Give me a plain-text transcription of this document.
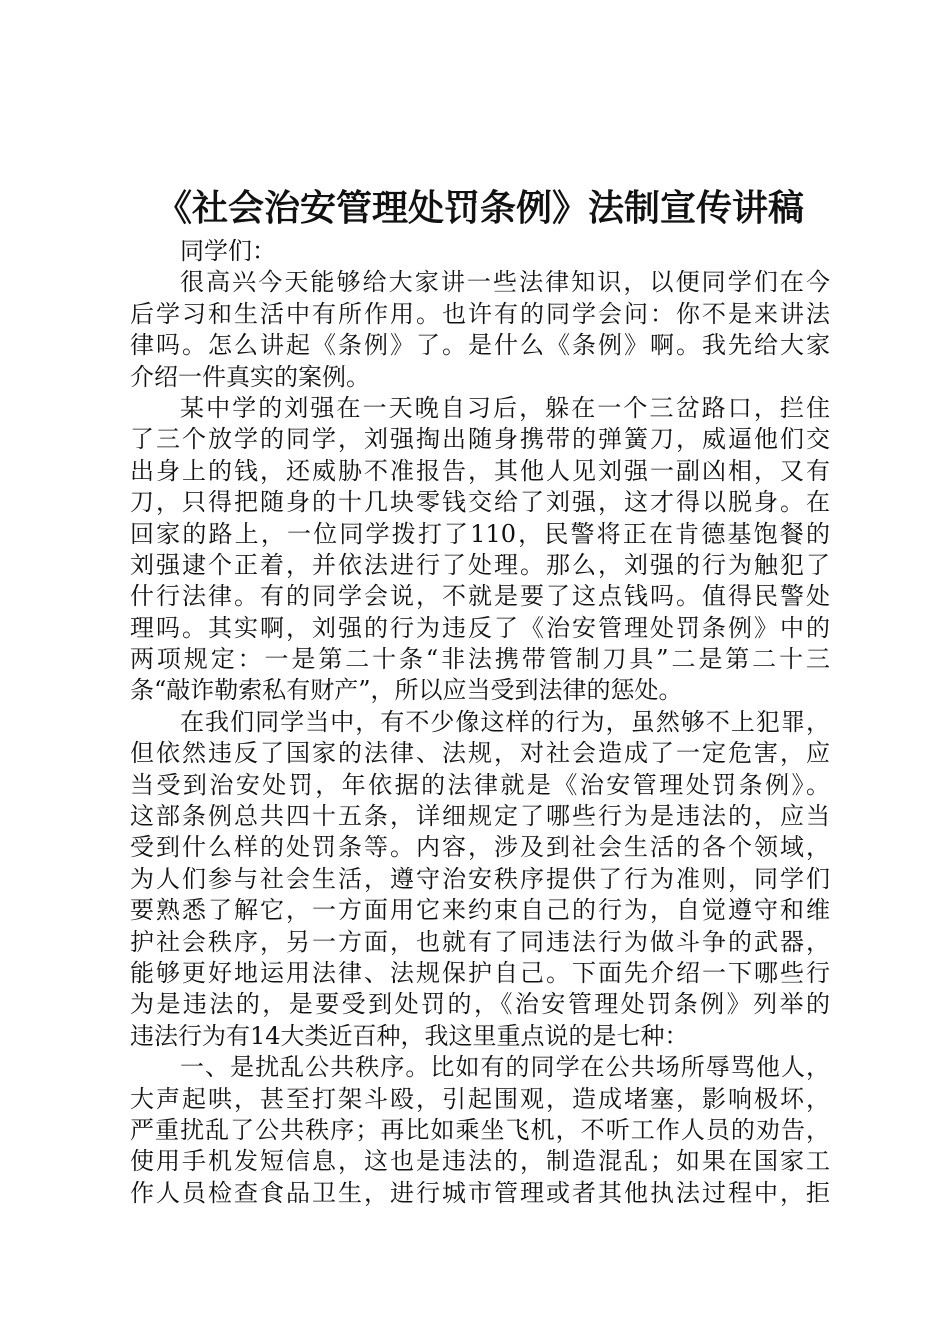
《社会治安管理处罚条例》法制宣传讲稿
同学们：
很高兴今天能够给大家讲一些法律知识，以便同学们在今
后学习和生活中有所作用。也许有的同学会问：你不是来讲法
律吗。怎么讲起《条例》了。是什么《条例》啊。我先给大家
介绍一件真实的案例。
某中学的刘强在一天晚自习后，躲在一个三岔路口，拦住
了三个放学的同学，刘强掏出随身携带的弹簧刀，威逼他们交
出身上的钱，还威胁不准报告，其他人见刘强一副凶相，又有
刀，只得把随身的十几块零钱交给了刘强，这才得以脱身。在
回家的路上，一位同学拨打了110，民警将正在肯德基饱餐的
刘强逮个正着，并依法进行了处理。那么，刘强的行为触犯了
什行法律。有的同学会说，不就是要了这点钱吗。值得民警处
理吗。其实啊，刘强的行为违反了《治安管理处罚条例》中的
两项规定：一是第二十条“非法携带管制刀具”二是第二十三
条“敲诈勒索私有财产”，所以应当受到法律的惩处。
在我们同学当中，有不少像这样的行为，虽然够不上犯罪，
但依然违反了国家的法律、法规，对社会造成了一定危害，应
当受到治安处罚，年依据的法律就是《治安管理处罚条例》。
这部条例总共四十五条，详细规定了哪些行为是违法的，应当
受到什么样的处罚条等。内容，涉及到社会生活的各个领域，
为人们参与社会生活，遵守治安秩序提供了行为准则，同学们
要熟悉了解它，一方面用它来约束自己的行为，自觉遵守和维
护社会秩序，另一方面，也就有了同违法行为做斗争的武器，
能够更好地运用法律、法规保护自己。下面先介绍一下哪些行
为是违法的，是要受到处罚的，《治安管理处罚条例》列举的
违法行为有14大类近百种，我这里重点说的是七种：
一、是扰乱公共秩序。比如有的同学在公共场所辱骂他人，
大声起哄，甚至打架斗殴，引起围观，造成堵塞，影响极坏，
严重扰乱了公共秩序；再比如乘坐飞机，不听工作人员的劝告，
使用手机发短信息，这也是违法的，制造混乱；如果在国家工
作人员检查食品卫生，进行城市管理或者其他执法过程中，拒
